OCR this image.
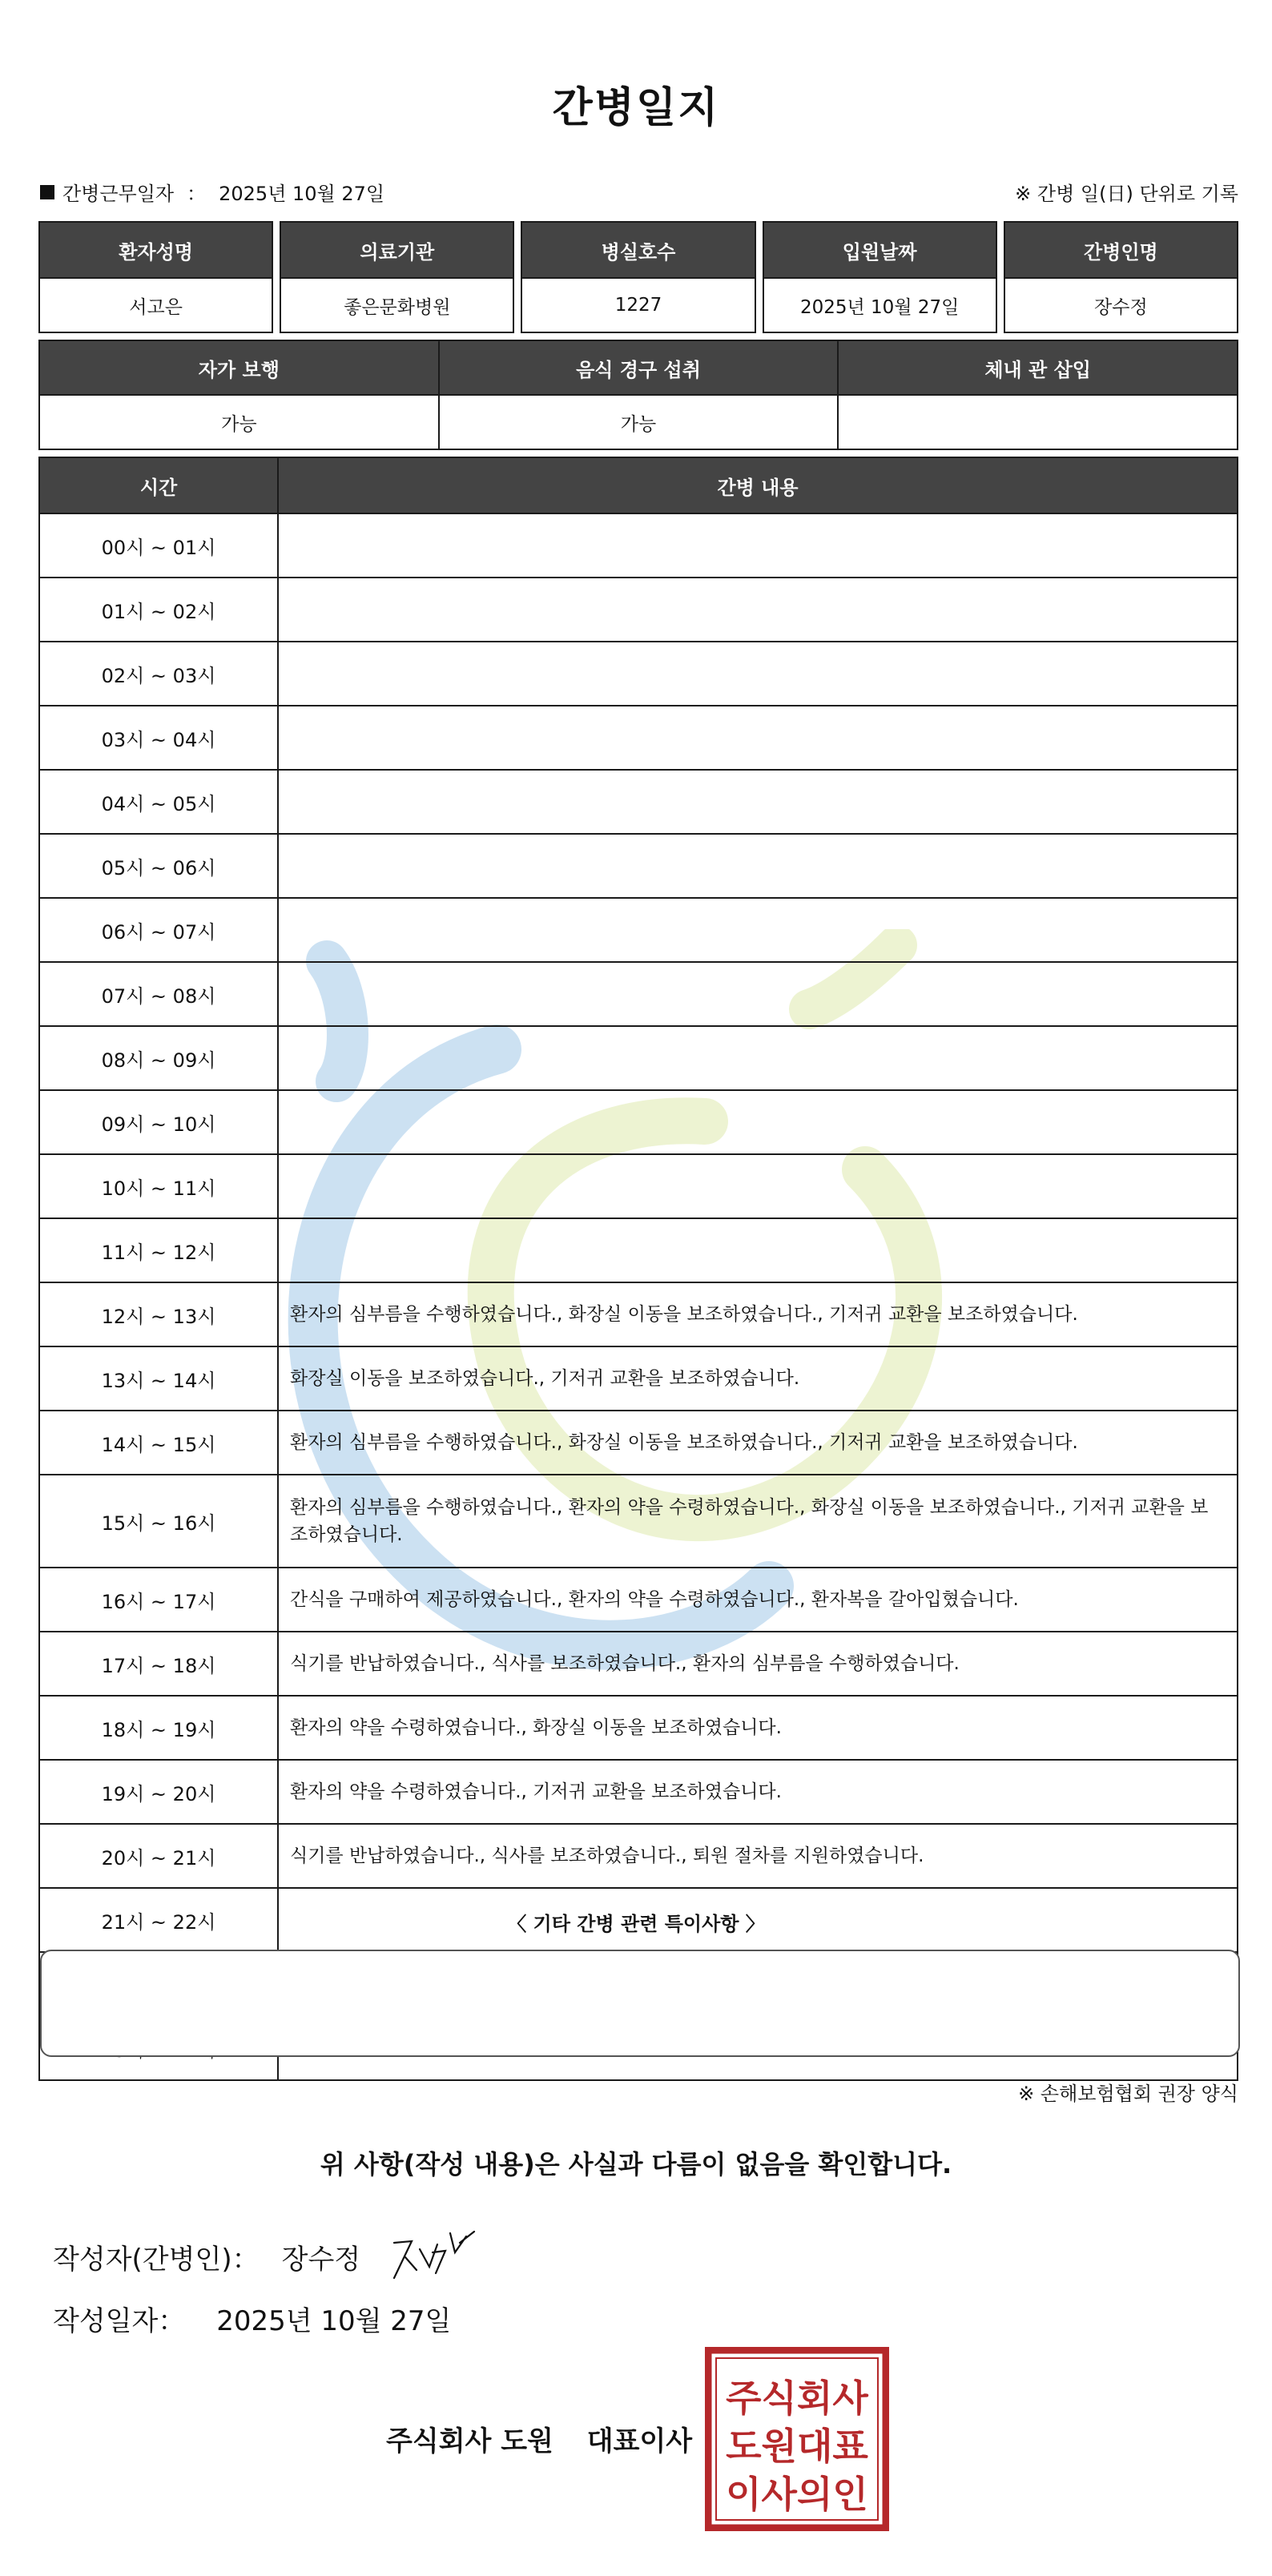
간병일지
간병근무일자 ： 2025년 10월 27일	※ 간병 일(日) 단위로 기록
환자성명		의료기관		병실호수		입원날짜		간병인명
서고은		좋은문화병원		1227		2025년 10월 27일		장수정
자가 보행	음식 경구 섭취	체내 관 삽입
가능	가능	
시간	간병 내용
00시 ~ 01시	
01시 ~ 02시	
02시 ~ 03시	
03시 ~ 04시	
04시 ~ 05시	
05시 ~ 06시	
06시 ~ 07시	
07시 ~ 08시	
08시 ~ 09시	
09시 ~ 10시	
10시 ~ 11시	
11시 ~ 12시	
12시 ~ 13시	환자의 심부름을 수행하였습니다., 화장실 이동을 보조하였습니다., 기저귀 교환을 보조하였습니다.
13시 ~ 14시	화장실 이동을 보조하였습니다., 기저귀 교환을 보조하였습니다.
14시 ~ 15시	환자의 심부름을 수행하였습니다., 화장실 이동을 보조하였습니다., 기저귀 교환을 보조하였습니다.
15시 ~ 16시	환자의 심부름을 수행하였습니다., 환자의 약을 수령하였습니다., 화장실 이동을 보조하였습니다., 기저귀 교환을 보조하였습니다.
16시 ~ 17시	간식을 구매하여 제공하였습니다., 환자의 약을 수령하였습니다., 환자복을 갈아입혔습니다.
17시 ~ 18시	식기를 반납하였습니다., 식사를 보조하였습니다., 환자의 심부름을 수행하였습니다.
18시 ~ 19시	환자의 약을 수령하였습니다., 화장실 이동을 보조하였습니다.
19시 ~ 20시	환자의 약을 수령하였습니다., 기저귀 교환을 보조하였습니다.
20시 ~ 21시	식기를 반납하였습니다., 식사를 보조하였습니다., 퇴원 절차를 지원하였습니다.
21시 ~ 22시	

		〈 기타 간병 관련 특이사항 〉
※ 손해보험협회 권장 양식
위 사항(작성 내용)은 사실과 다름이 없음을 확인합니다.
작성자(간병인)： 장수정
작성일자： 2025년 10월 27일
주식회사 도원 대표이사
주식회사
도원대표
이사의인
